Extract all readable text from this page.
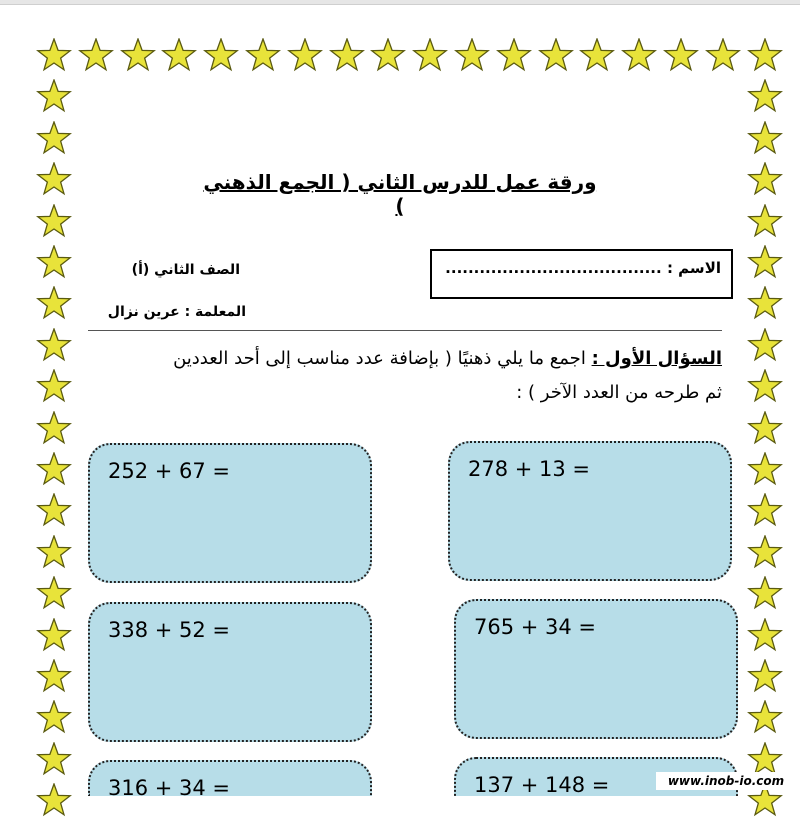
ورقة عمل للدرس الثاني ( الجمع الذهني )
الاسم : ......................................
الصف الثاني (أ)
المعلمة : عرين نزال
السؤال الأول : اجمع ما يلي ذهنيًا ( بإضافة عدد مناسب إلى أحد العددين
ثم طرحه من العدد الآخر ) :
252 + 67 =	278 + 13 =
338 + 52 =	765 + 34 =
316 + 34 =	137 + 148 =	www.inob-io.com
